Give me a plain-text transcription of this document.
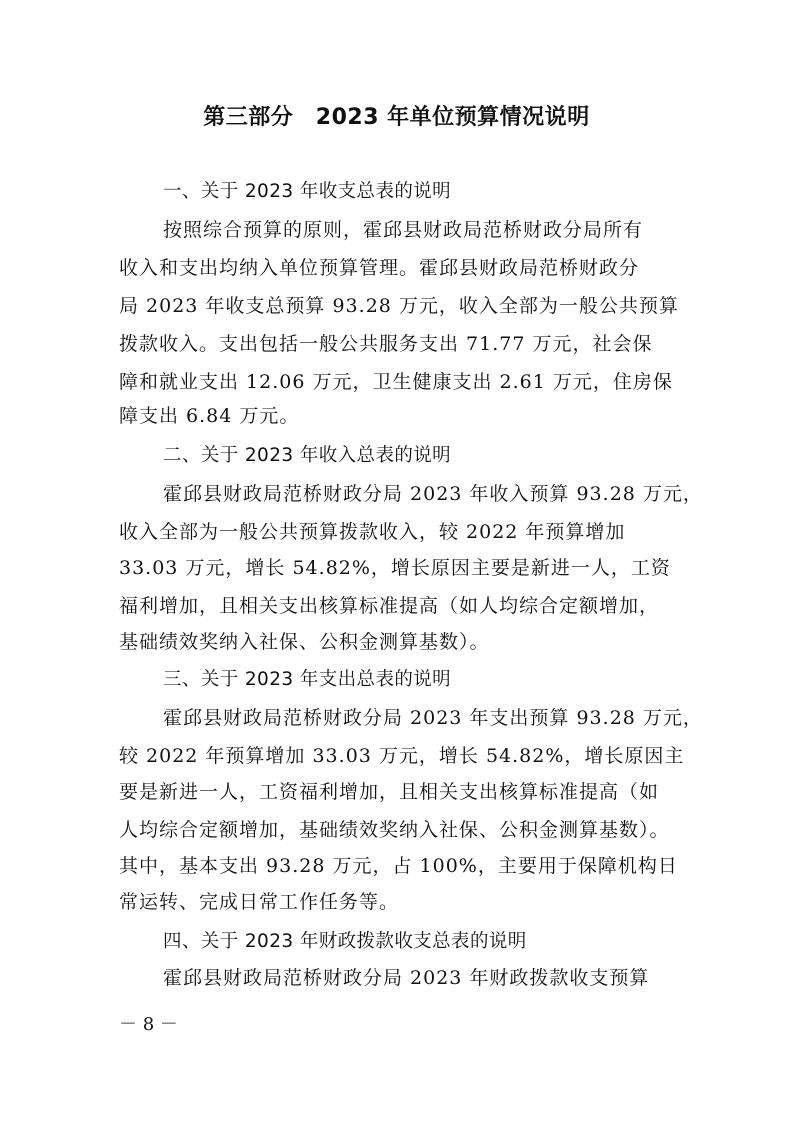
第三部分　2023 年单位预算情况说明
一、关于 2023 年收支总表的说明
按照综合预算的原则，霍邱县财政局范桥财政分局所有
收入和支出均纳入单位预算管理。霍邱县财政局范桥财政分
局 2023 年收支总预算 93.28 万元，收入全部为一般公共预算
拨款收入。支出包括一般公共服务支出 71.77 万元，社会保
障和就业支出 12.06 万元，卫生健康支出 2.61 万元，住房保
障支出 6.84 万元。
二、关于 2023 年收入总表的说明
霍邱县财政局范桥财政分局 2023 年收入预算 93.28 万元，
收入全部为一般公共预算拨款收入，较 2022 年预算增加
33.03 万元，增长 54.82%，增长原因主要是新进一人，工资
福利增加，且相关支出核算标准提高（如人均综合定额增加，
基础绩效奖纳入社保、公积金测算基数）。
三、关于 2023 年支出总表的说明
霍邱县财政局范桥财政分局 2023 年支出预算 93.28 万元，
较 2022 年预算增加 33.03 万元，增长 54.82%，增长原因主
要是新进一人，工资福利增加，且相关支出核算标准提高（如
人均综合定额增加，基础绩效奖纳入社保、公积金测算基数）。
其中，基本支出 93.28 万元，占 100%，主要用于保障机构日
常运转、完成日常工作任务等。
四、关于 2023 年财政拨款收支总表的说明
霍邱县财政局范桥财政分局 2023 年财政拨款收支预算
－ 8 －
